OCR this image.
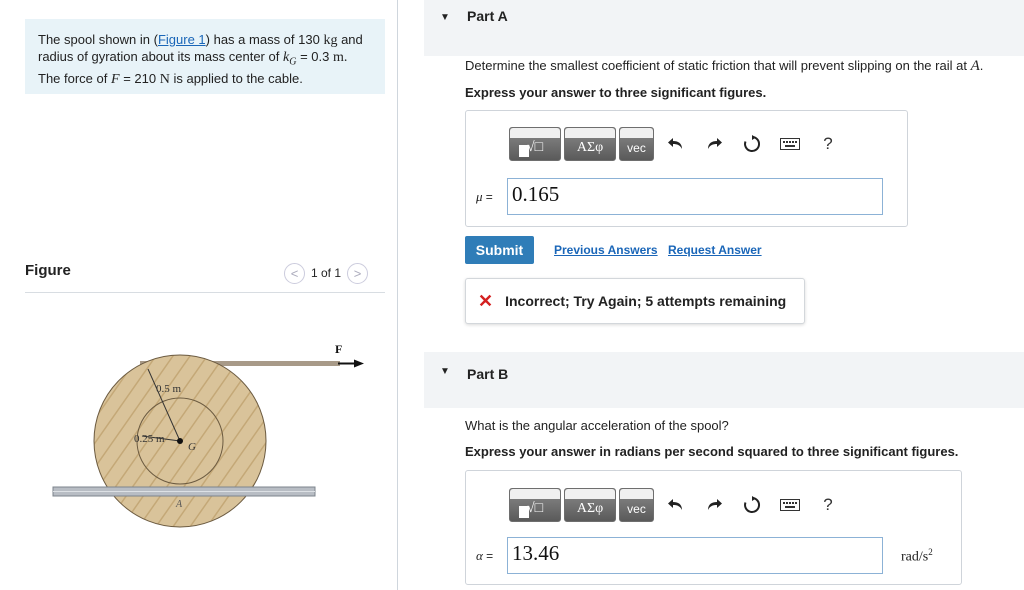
The spool shown in (Figure 1) has a mass of 130 kg and radius of gyration about its mass center of $k_G = 0.3$ m. The force of F = 210 N is applied to the cable.
Figure	<	1 of 1 >
F
0.5 m
0.25 m
G
A
▼ Part A
Determine the smallest coefficient of static friction that will prevent slipping on the rail at A.
Express your answer to three significant figures.
√□ ΑΣφ vec	?
μ = 0.165
Submit	Previous Answers Request Answer
✕ Incorrect; Try Again; 5 attempts remaining
▼ Part B
What is the angular acceleration of the spool?
Express your answer in radians per second squared to three significant figures.
√□ ΑΣφ vec	?
α = 13.46	rad/$s^2$
